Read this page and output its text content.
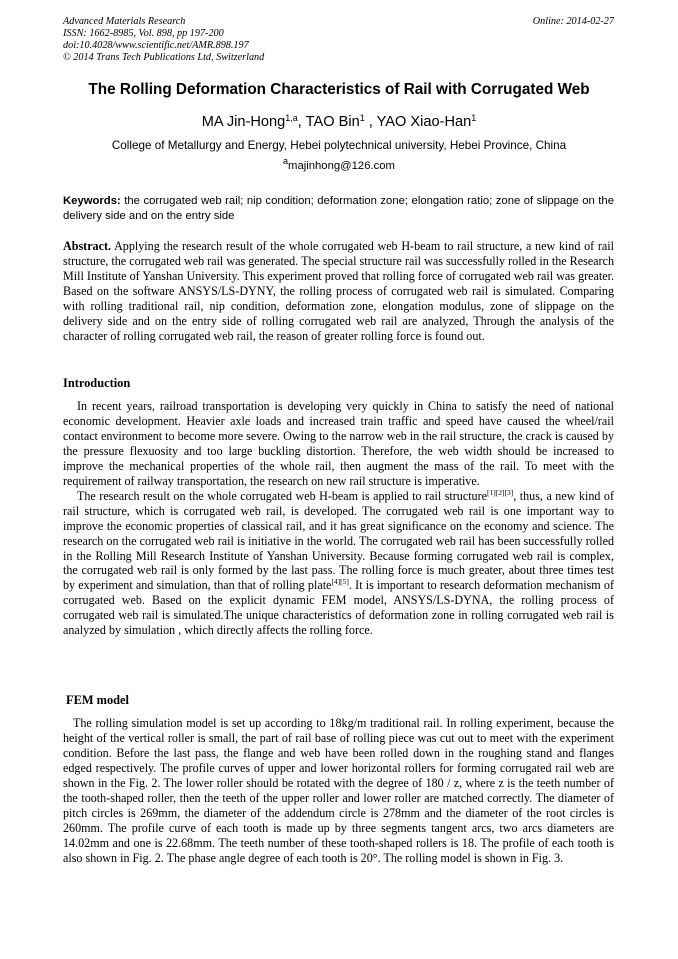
Advanced Materials Research
ISSN: 1662-8985, Vol. 898, pp 197-200
doi:10.4028/www.scientific.net/AMR.898.197
© 2014 Trans Tech Publications Ltd, Switzerland
Online: 2014-02-27
The Rolling Deformation Characteristics of Rail with Corrugated Web
MA Jin-Hong$^{1,a}$, TAO Bin$^1$ , YAO Xiao-Han$^1$
College of Metallurgy and Energy, Hebei polytechnical university, Hebei Province, China
$^a$majinhong@126.com
Keywords: the corrugated web rail; nip condition; deformation zone; elongation ratio; zone of slippage on the delivery side and on the entry side

Abstract. Applying the research result of the whole corrugated web H-beam to rail structure, a new kind of rail structure, the corrugated web rail was generated. The special structure rail was successfully rolled in the Research Mill Institute of Yanshan University. This experiment proved that rolling force of corrugated web rail was greater. Based on the software ANSYS/LS-DYNY, the rolling process of corrugated web rail is simulated. Comparing with rolling traditional rail, nip condition, deformation zone, elongation modulus, zone of slippage on the delivery side and on the entry side of rolling corrugated web rail are analyzed, Through the analysis of the character of rolling corrugated web rail, the reason of greater rolling force is found out.

Introduction

In recent years, railroad transportation is developing very quickly in China to satisfy the need of national economic development. Heavier axle loads and increased train traffic and speed have caused the wheel/rail contact environment to become more severe. Owing to the narrow web in the rail structure, the crack is caused by the pressure flexuosity and too large buckling distortion. Therefore, the web width should be increased to improve the mechanical properties of the whole rail, then augment the mass of the rail. To meet with the requirement of railway transportation, the research on new rail structure is imperative.

The research result on the whole corrugated web H-beam is applied to rail structure[1][2][3], thus, a new kind of rail structure, which is corrugated web rail, is developed. The corrugated web rail is one important way to improve the economic properties of classical rail, and it has great significance on the economy and science. The research on the corrugated web rail is initiative in the world. The corrugated web rail has been successfully rolled in the Rolling Mill Research Institute of Yanshan University. Because forming corrugated web rail is complex, the corrugated web rail is only formed by the last pass. The rolling force is much greater, about three times test by experiment and simulation, than that of rolling plate[4][5]. It is important to research deformation mechanism of corrugated web. Based on the explicit dynamic FEM model, ANSYS/LS-DYNA, the rolling process of corrugated web rail is simulated.The unique characteristics of deformation zone in rolling corrugated web rail is analyzed by simulation , which directly affects the rolling force.

FEM model

The rolling simulation model is set up according to 18kg/m traditional rail. In rolling experiment, because the height of the vertical roller is small, the part of rail base of rolling piece was cut out to meet with the experiment condition. Before the last pass, the flange and web have been rolled down in the roughing stand and flanges edged respectively. The profile curves of upper and lower horizontal rollers for forming corrugated rail web are shown in the Fig. 2. The lower roller should be rotated with the degree of 180 / z, where z is the teeth number of the tooth-shaped roller, then the teeth of the upper roller and lower roller are matched correctly. The diameter of pitch circles is 269mm, the diameter of the addendum circle is 278mm and the diameter of the root circles is 260mm. The profile curve of each tooth is made up by three segments tangent arcs, two arcs diameters are 14.02mm and one is 22.68mm. The teeth number of these tooth-shaped rollers is 18. The profile of each tooth is also shown in Fig. 2. The phase angle degree of each tooth is 20°. The rolling model is shown in Fig. 3.
